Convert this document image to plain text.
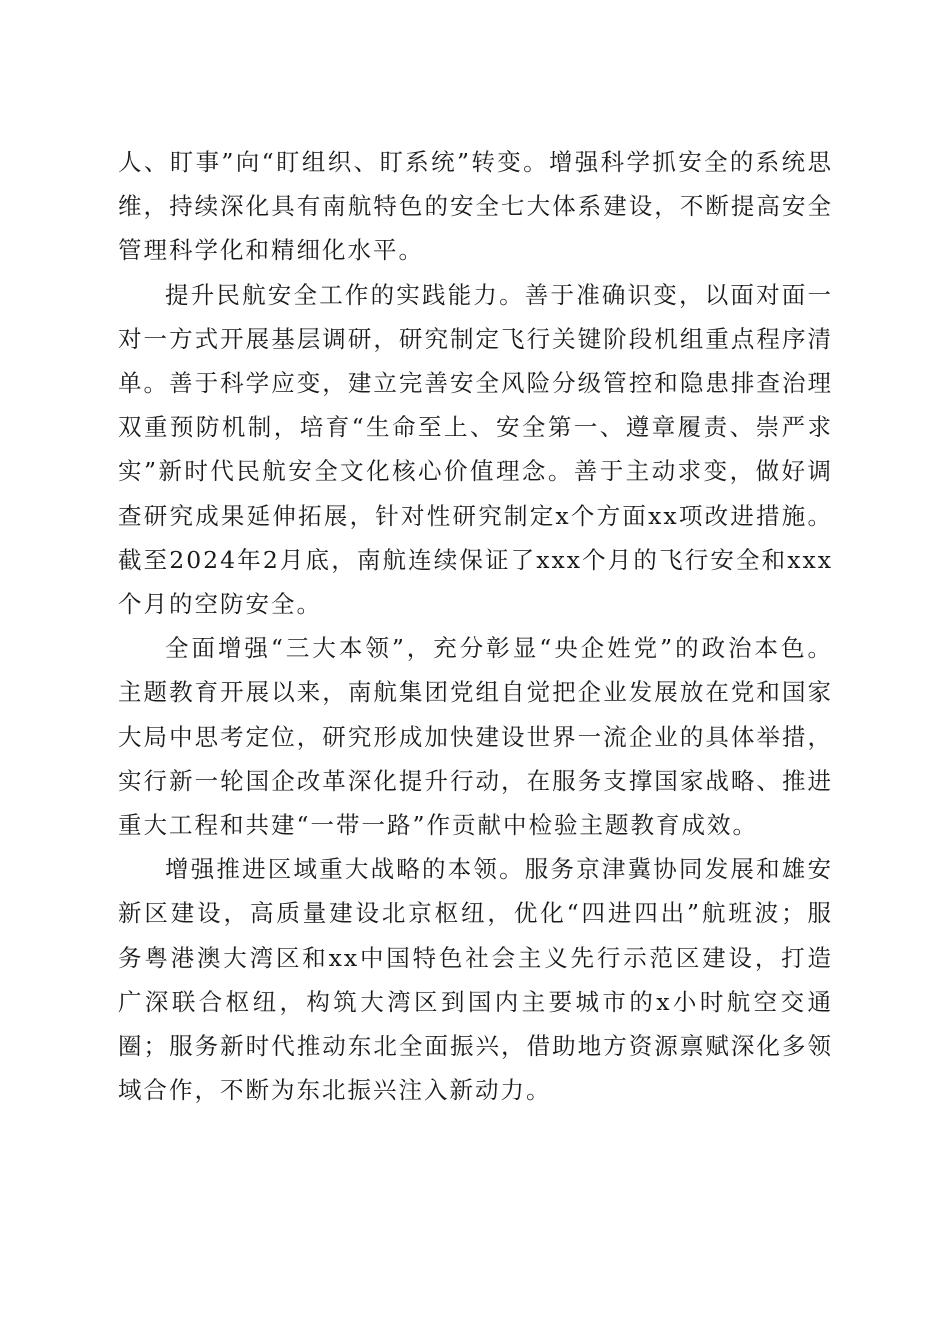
人、盯事”向“盯组织、盯系统”转变。增强科学抓安全的系统思维，持续深化具有南航特色的安全七大体系建设，不断提高安全管理科学化和精细化水平。

提升民航安全工作的实践能力。善于准确识变，以面对面一对一方式开展基层调研，研究制定飞行关键阶段机组重点程序清单。善于科学应变，建立完善安全风险分级管控和隐患排查治理双重预防机制，培育“生命至上、安全第一、遵章履责、崇严求实”新时代民航安全文化核心价值理念。善于主动求变，做好调查研究成果延伸拓展，针对性研究制定x个方面xx项改进措施。截至2024年2月底，南航连续保证了xxx个月的飞行安全和xxx个月的空防安全。

全面增强“三大本领”，充分彰显“央企姓党”的政治本色。主题教育开展以来，南航集团党组自觉把企业发展放在党和国家大局中思考定位，研究形成加快建设世界一流企业的具体举措，实行新一轮国企改革深化提升行动，在服务支撑国家战略、推进重大工程和共建“一带一路”作贡献中检验主题教育成效。

增强推进区域重大战略的本领。服务京津冀协同发展和雄安新区建设，高质量建设北京枢纽，优化“四进四出”航班波；服务粤港澳大湾区和xx中国特色社会主义先行示范区建设，打造广深联合枢纽，构筑大湾区到国内主要城市的x小时航空交通圈；服务新时代推动东北全面振兴，借助地方资源禀赋深化多领域合作，不断为东北振兴注入新动力。
